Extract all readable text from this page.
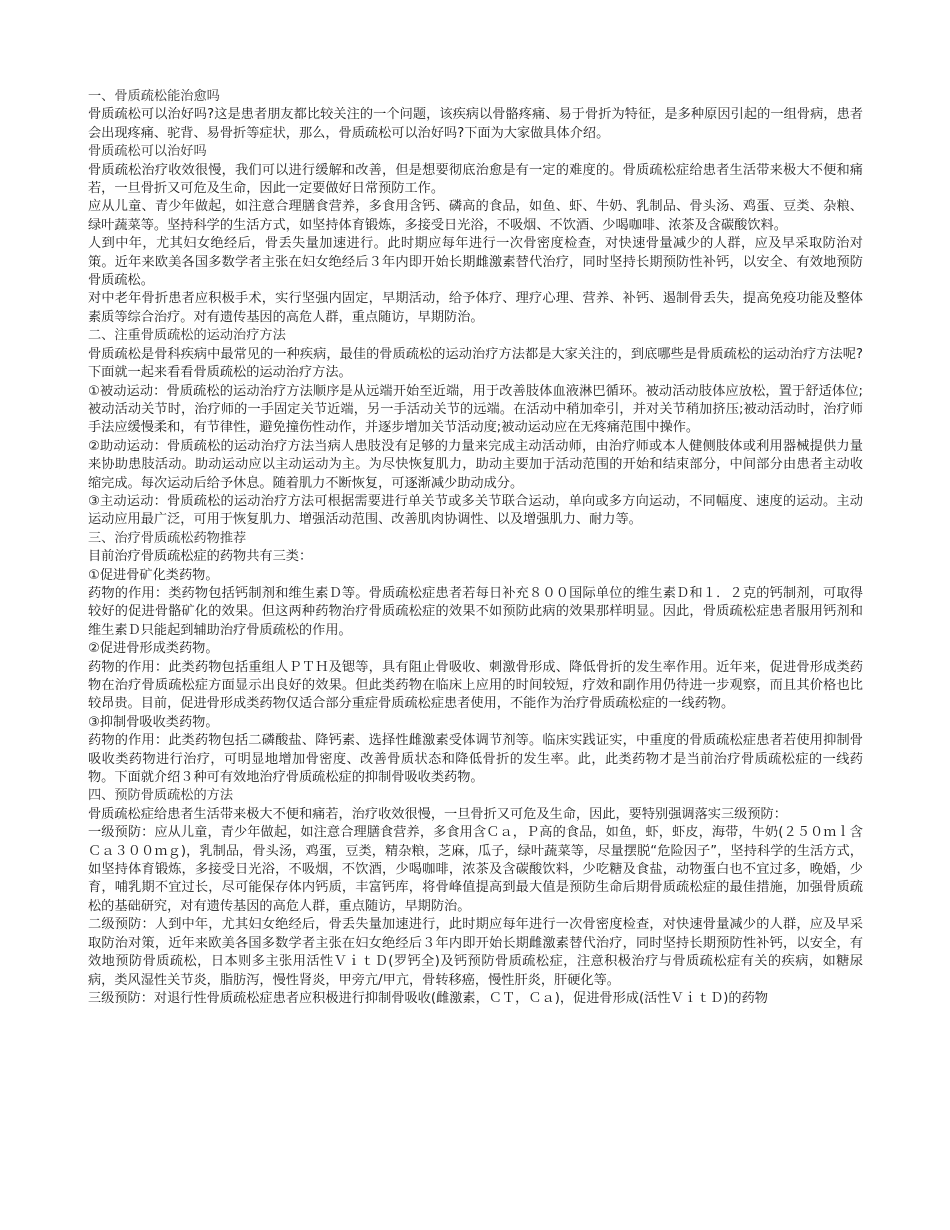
一、骨质疏松能治愈吗

骨质疏松可以治好吗?这是患者朋友都比较关注的一个问题，该疾病以骨骼疼痛、易于骨折为特征，是多种原因引起的一组骨病，患者会出现疼痛、驼背、易骨折等症状，那么，骨质疏松可以治好吗?下面为大家做具体介绍。

骨质疏松可以治好吗

骨质疏松治疗收效很慢，我们可以进行缓解和改善，但是想要彻底治愈是有一定的难度的。骨质疏松症给患者生活带来极大不便和痛若，一旦骨折又可危及生命，因此一定要做好日常预防工作。

应从儿童、青少年做起，如注意合理膳食营养，多食用含钙、磷高的食品，如鱼、虾、牛奶、乳制品、骨头汤、鸡蛋、豆类、杂粮、绿叶蔬菜等。坚持科学的生活方式，如坚持体育锻炼，多接受日光浴，不吸烟、不饮酒、少喝咖啡、浓茶及含碳酸饮料。

人到中年，尤其妇女绝经后，骨丢失量加速进行。此时期应每年进行一次骨密度检查，对快速骨量减少的人群，应及早采取防治对策。近年来欧美各国多数学者主张在妇女绝经后３年内即开始长期雌激素替代治疗，同时坚持长期预防性补钙，以安全、有效地预防骨质疏松。

对中老年骨折患者应积极手术，实行坚强内固定，早期活动，给予体疗、理疗心理、营养、补钙、遏制骨丢失，提高免疫功能及整体素质等综合治疗。对有遗传基因的高危人群，重点随访，早期防治。

二、注重骨质疏松的运动治疗方法

骨质疏松是骨科疾病中最常见的一种疾病，最佳的骨质疏松的运动治疗方法都是大家关注的，到底哪些是骨质疏松的运动治疗方法呢?下面就一起来看看骨质疏松的运动治疗方法。

①被动运动：骨质疏松的运动治疗方法顺序是从远端开始至近端，用于改善肢体血液淋巴循环。被动活动肢体应放松，置于舒适体位;被动活动关节时，治疗师的一手固定关节近端，另一手活动关节的远端。在活动中稍加牵引，并对关节稍加挤压;被动活动时，治疗师手法应缓慢柔和，有节律性，避免撞伤性动作，并逐步增加关节活动度;被动运动应在无疼痛范围中操作。

②助动运动：骨质疏松的运动治疗方法当病人患肢没有足够的力量来完成主动活动师，由治疗师或本人健侧肢体或利用器械提供力量来协助患肢活动。助动运动应以主动运动为主。为尽快恢复肌力，助动主要加于活动范围的开始和结束部分，中间部分由患者主动收缩完成。每次运动后给予休息。随着肌力不断恢复，可逐渐减少助动成分。

③主动运动：骨质疏松的运动治疗方法可根据需要进行单关节或多关节联合运动，单向或多方向运动，不同幅度、速度的运动。主动运动应用最广泛，可用于恢复肌力、增强活动范围、改善肌肉协调性、以及增强肌力、耐力等。

三、治疗骨质疏松药物推荐

目前治疗骨质疏松症的药物共有三类：

①促进骨矿化类药物。

药物的作用：类药物包括钙制剂和维生素Ｄ等。骨质疏松症患者若每日补充８００国际单位的维生素Ｄ和１．２克的钙制剂，可取得较好的促进骨骼矿化的效果。但这两种药物治疗骨质疏松症的效果不如预防此病的效果那样明显。因此，骨质疏松症患者服用钙剂和维生素Ｄ只能起到辅助治疗骨质疏松的作用。

②促进骨形成类药物。

药物的作用：此类药物包括重组人ＰＴＨ及锶等，具有阻止骨吸收、刺激骨形成、降低骨折的发生率作用。近年来，促进骨形成类药物在治疗骨质疏松症方面显示出良好的效果。但此类药物在临床上应用的时间较短，疗效和副作用仍待进一步观察，而且其价格也比较昂贵。目前，促进骨形成类药物仅适合部分重症骨质疏松症患者使用，不能作为治疗骨质疏松症的一线药物。

③抑制骨吸收类药物。

药物的作用：此类药物包括二磷酸盐、降钙素、选择性雌激素受体调节剂等。临床实践证实，中重度的骨质疏松症患者若使用抑制骨吸收类药物进行治疗，可明显地增加骨密度、改善骨质状态和降低骨折的发生率。此，此类药物才是当前治疗骨质疏松症的一线药物。下面就介绍３种可有效地治疗骨质疏松症的抑制骨吸收类药物。

四、预防骨质疏松的方法

骨质疏松症给患者生活带来极大不便和痛若，治疗收效很慢，一旦骨折又可危及生命，因此，要特别强调落实三级预防：

一级预防：应从儿童，青少年做起，如注意合理膳食营养，多食用含Ｃａ，Ｐ高的食品，如鱼，虾，虾皮，海带，牛奶(２５０ｍｌ含Ｃａ３００ｍｇ)，乳制品，骨头汤，鸡蛋，豆类，精杂粮，芝麻，瓜子，绿叶蔬菜等，尽量摆脱“危险因子”，坚持科学的生活方式，如坚持体育锻炼，多接受日光浴，不吸烟，不饮酒，少喝咖啡，浓茶及含碳酸饮料，少吃糖及食盐，动物蛋白也不宜过多，晚婚，少育，哺乳期不宜过长，尽可能保存体内钙质，丰富钙库，将骨峰值提高到最大值是预防生命后期骨质疏松症的最佳措施，加强骨质疏松的基础研究，对有遗传基因的高危人群，重点随访，早期防治。

二级预防：人到中年，尤其妇女绝经后，骨丢失量加速进行，此时期应每年进行一次骨密度检查，对快速骨量减少的人群，应及早采取防治对策，近年来欧美各国多数学者主张在妇女绝经后３年内即开始长期雌激素替代治疗，同时坚持长期预防性补钙，以安全，有效地预防骨质疏松，日本则多主张用活性ＶｉｔＤ(罗钙全)及钙预防骨质疏松症，注意积极治疗与骨质疏松症有关的疾病，如糖尿病，类风湿性关节炎，脂肪泻，慢性肾炎，甲旁亢/甲亢，骨转移癌，慢性肝炎，肝硬化等。

三级预防：对退行性骨质疏松症患者应积极进行抑制骨吸收(雌激素，ＣＴ，Ｃａ)，促进骨形成(活性ＶｉｔＤ)的药物
